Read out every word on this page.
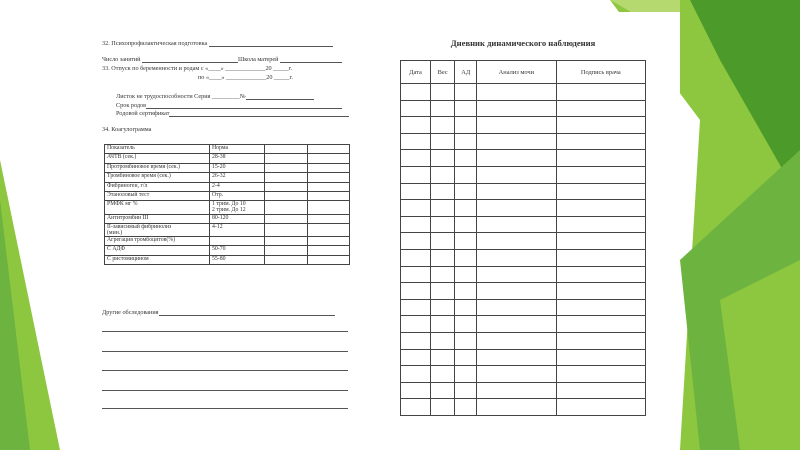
32. Психопрофилактическая подготовка
Число занятий	Школа матерей
33. Отпуск по беременности и родам с «____» _____________20 _____г.
по «____» _____________20 _____г.
Листок не трудоспособности Серия _________№
Срок родов
Родовой сертификат
34. Коагулограмма
Показатель	Норма		
АЧТВ (сек.)	28-38		
Протромбиновое время (сек.)	15-20		
Тромбиновое время (сек.)	26-32		
Фибриноген, г/л	2-4		
Этаноловый тест	Отр.		
РМФК мг %	1 трим. До 10
2 трим. До 12		
Антитромбин III	80-120		
II-зависимый фибринолиз
(мин.)	4-12		
Агрегация тромбоцитов(%)			
С АДФ	50-70		
С ристомицином	55-80		
Другие обследования
Дневник динамического наблюдения
Дата	Вес	АД	Анализ мочи	Подпись врача
